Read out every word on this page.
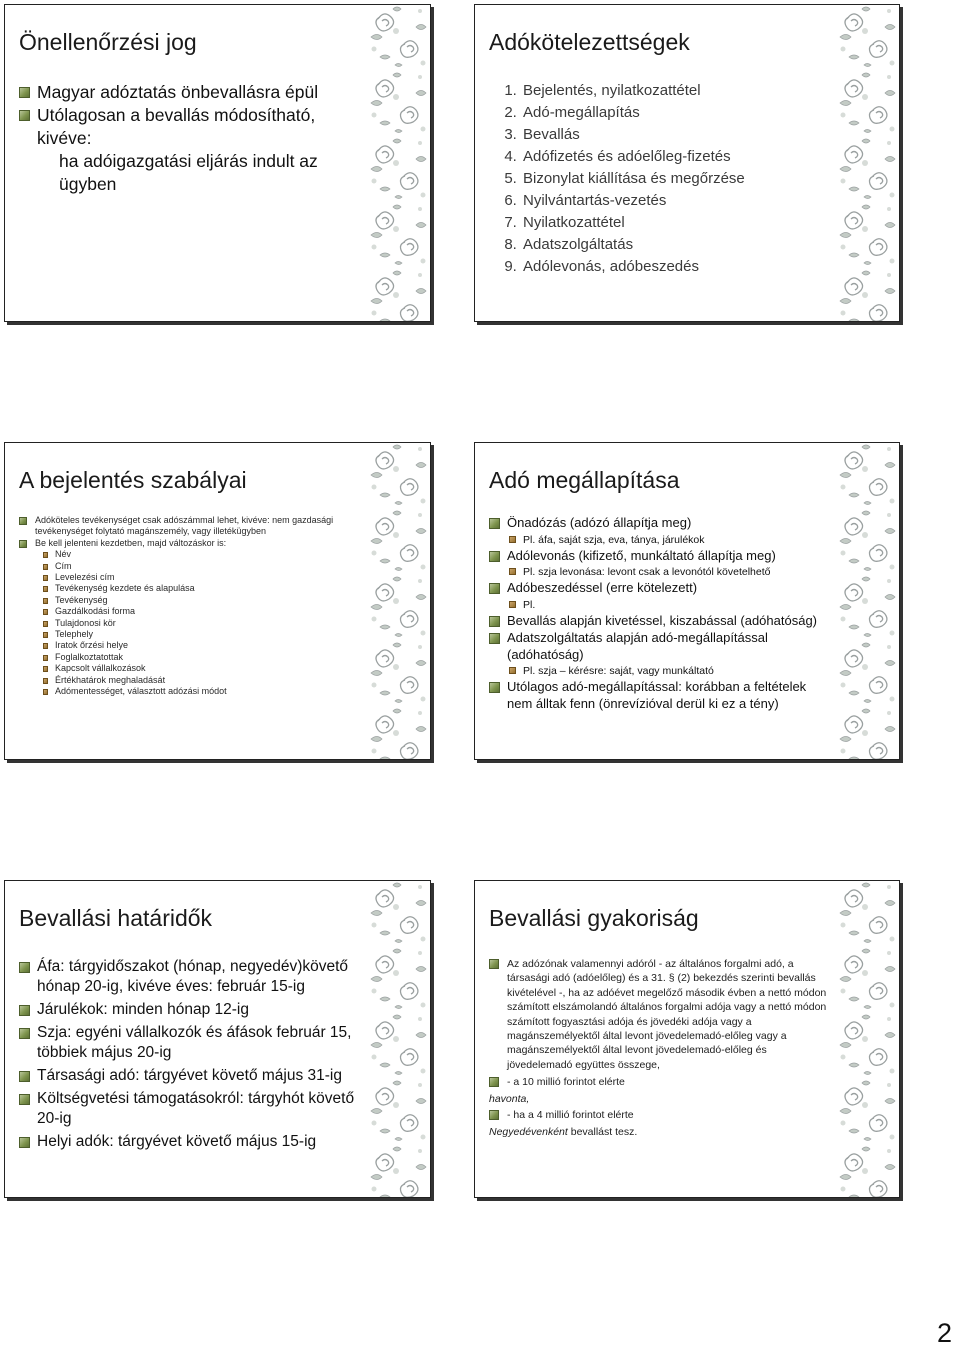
Önellenőrzési jog
Magyar adóztatás önbevallásra épül
Utólagosan a bevallás módosítható, kivéve:
ha adóigazgatási eljárás indult az ügyben
Adókötelezettségek
1. Bejelentés, nyilatkozattétel
2. Adó-megállapítás
3. Bevallás
4. Adófizetés és adóelőleg-fizetés
5. Bizonylat kiállítása és megőrzése
6. Nyilvántartás-vezetés
7. Nyilatkozattétel
8. Adatszolgáltatás
9. Adólevonás, adóbeszedés
A bejelentés szabályai
Adóköteles tevékenységet csak adószámmal lehet, kivéve: nem gazdasági tevékenységet folytató magánszemély, vagy illetékügyben
Be kell jelenteni kezdetben, majd változáskor is:
Név
Cím
Levelezési cím
Tevékenység kezdete és alapulása
Tevékenység
Gazdálkodási forma
Tulajdonosi kör
Telephely
Iratok őrzési helye
Foglalkoztatottak
Kapcsolt vállalkozások
Értékhatárok meghaladását
Adómentességet, választott adózási módot
Adó megállapítása
Önadózás (adózó állapítja meg)
Pl. áfa, saját szja, eva, tánya, járulékok
Adólevonás (kifizető, munkáltató állapítja meg)
Pl. szja levonása: levont csak a levonótól követelhető
Adóbeszedéssel (erre kötelezett)
Pl.
Bevallás alapján kivetéssel, kiszabással (adóhatóság)
Adatszolgáltatás alapján adó-megállapítással (adóhatóság)
Pl. szja – kérésre: saját, vagy munkáltató
Utólagos adó-megállapítással: korábban a feltételek nem álltak fenn (önrevízióval derül ki ez a tény)
Bevallási határidők
Áfa: tárgyidőszakot (hónap, negyedév)követő hónap 20-ig, kivéve éves: február 15-ig
Járulékok: minden hónap 12-ig
Szja: egyéni vállalkozók és áfások február 15, többiek május 20-ig
Társasági adó: tárgyévet követő május 31-ig
Költségvetési támogatásokról: tárgyhót követő 20-ig
Helyi adók: tárgyévet követő május 15-ig
Bevallási gyakoriság
Az adózónak valamennyi adóról - az általános forgalmi adó, a társasági adó (adóelőleg) és a 31. § (2) bekezdés szerinti bevallás kivételével -, ha az adóévet megelőző második évben a nettó módon számított elszámolandó általános forgalmi adója vagy a nettó módon számított fogyasztási adója és jövedéki adója vagy a magánszemélyektől által levont jövedelemadó-előleg vagy a magánszemélyektől által levont jövedelemadó-előleg és jövedelemadó együttes összege,
- a 10 millió forintot elérte
havonta,
- ha a 4 millió forintot elérte
Negyedévenként bevallást tesz.
2
